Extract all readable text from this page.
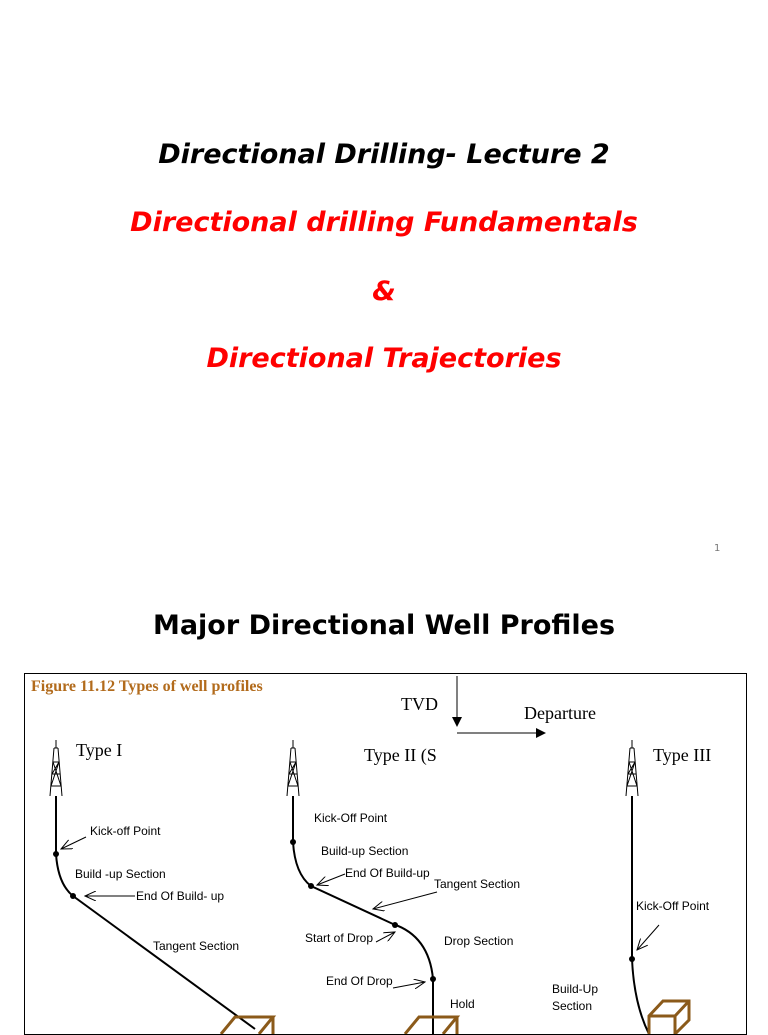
Directional Drilling- Lecture 2
Directional drilling Fundamentals
&
Directional Trajectories
1
Major Directional Well Profiles
Figure 11.12 Types of well profiles
TVD	Departure
Type I	Type II (S	Type III
Kick-off Point
Build -up Section
End Of Build- up
Tangent Section
Kick-Off Point
Build-up Section
End Of Build-up
Tangent Section
Start of Drop	Drop Section
End Of Drop
Hold
Kick-Off Point
Build-Up
Section
